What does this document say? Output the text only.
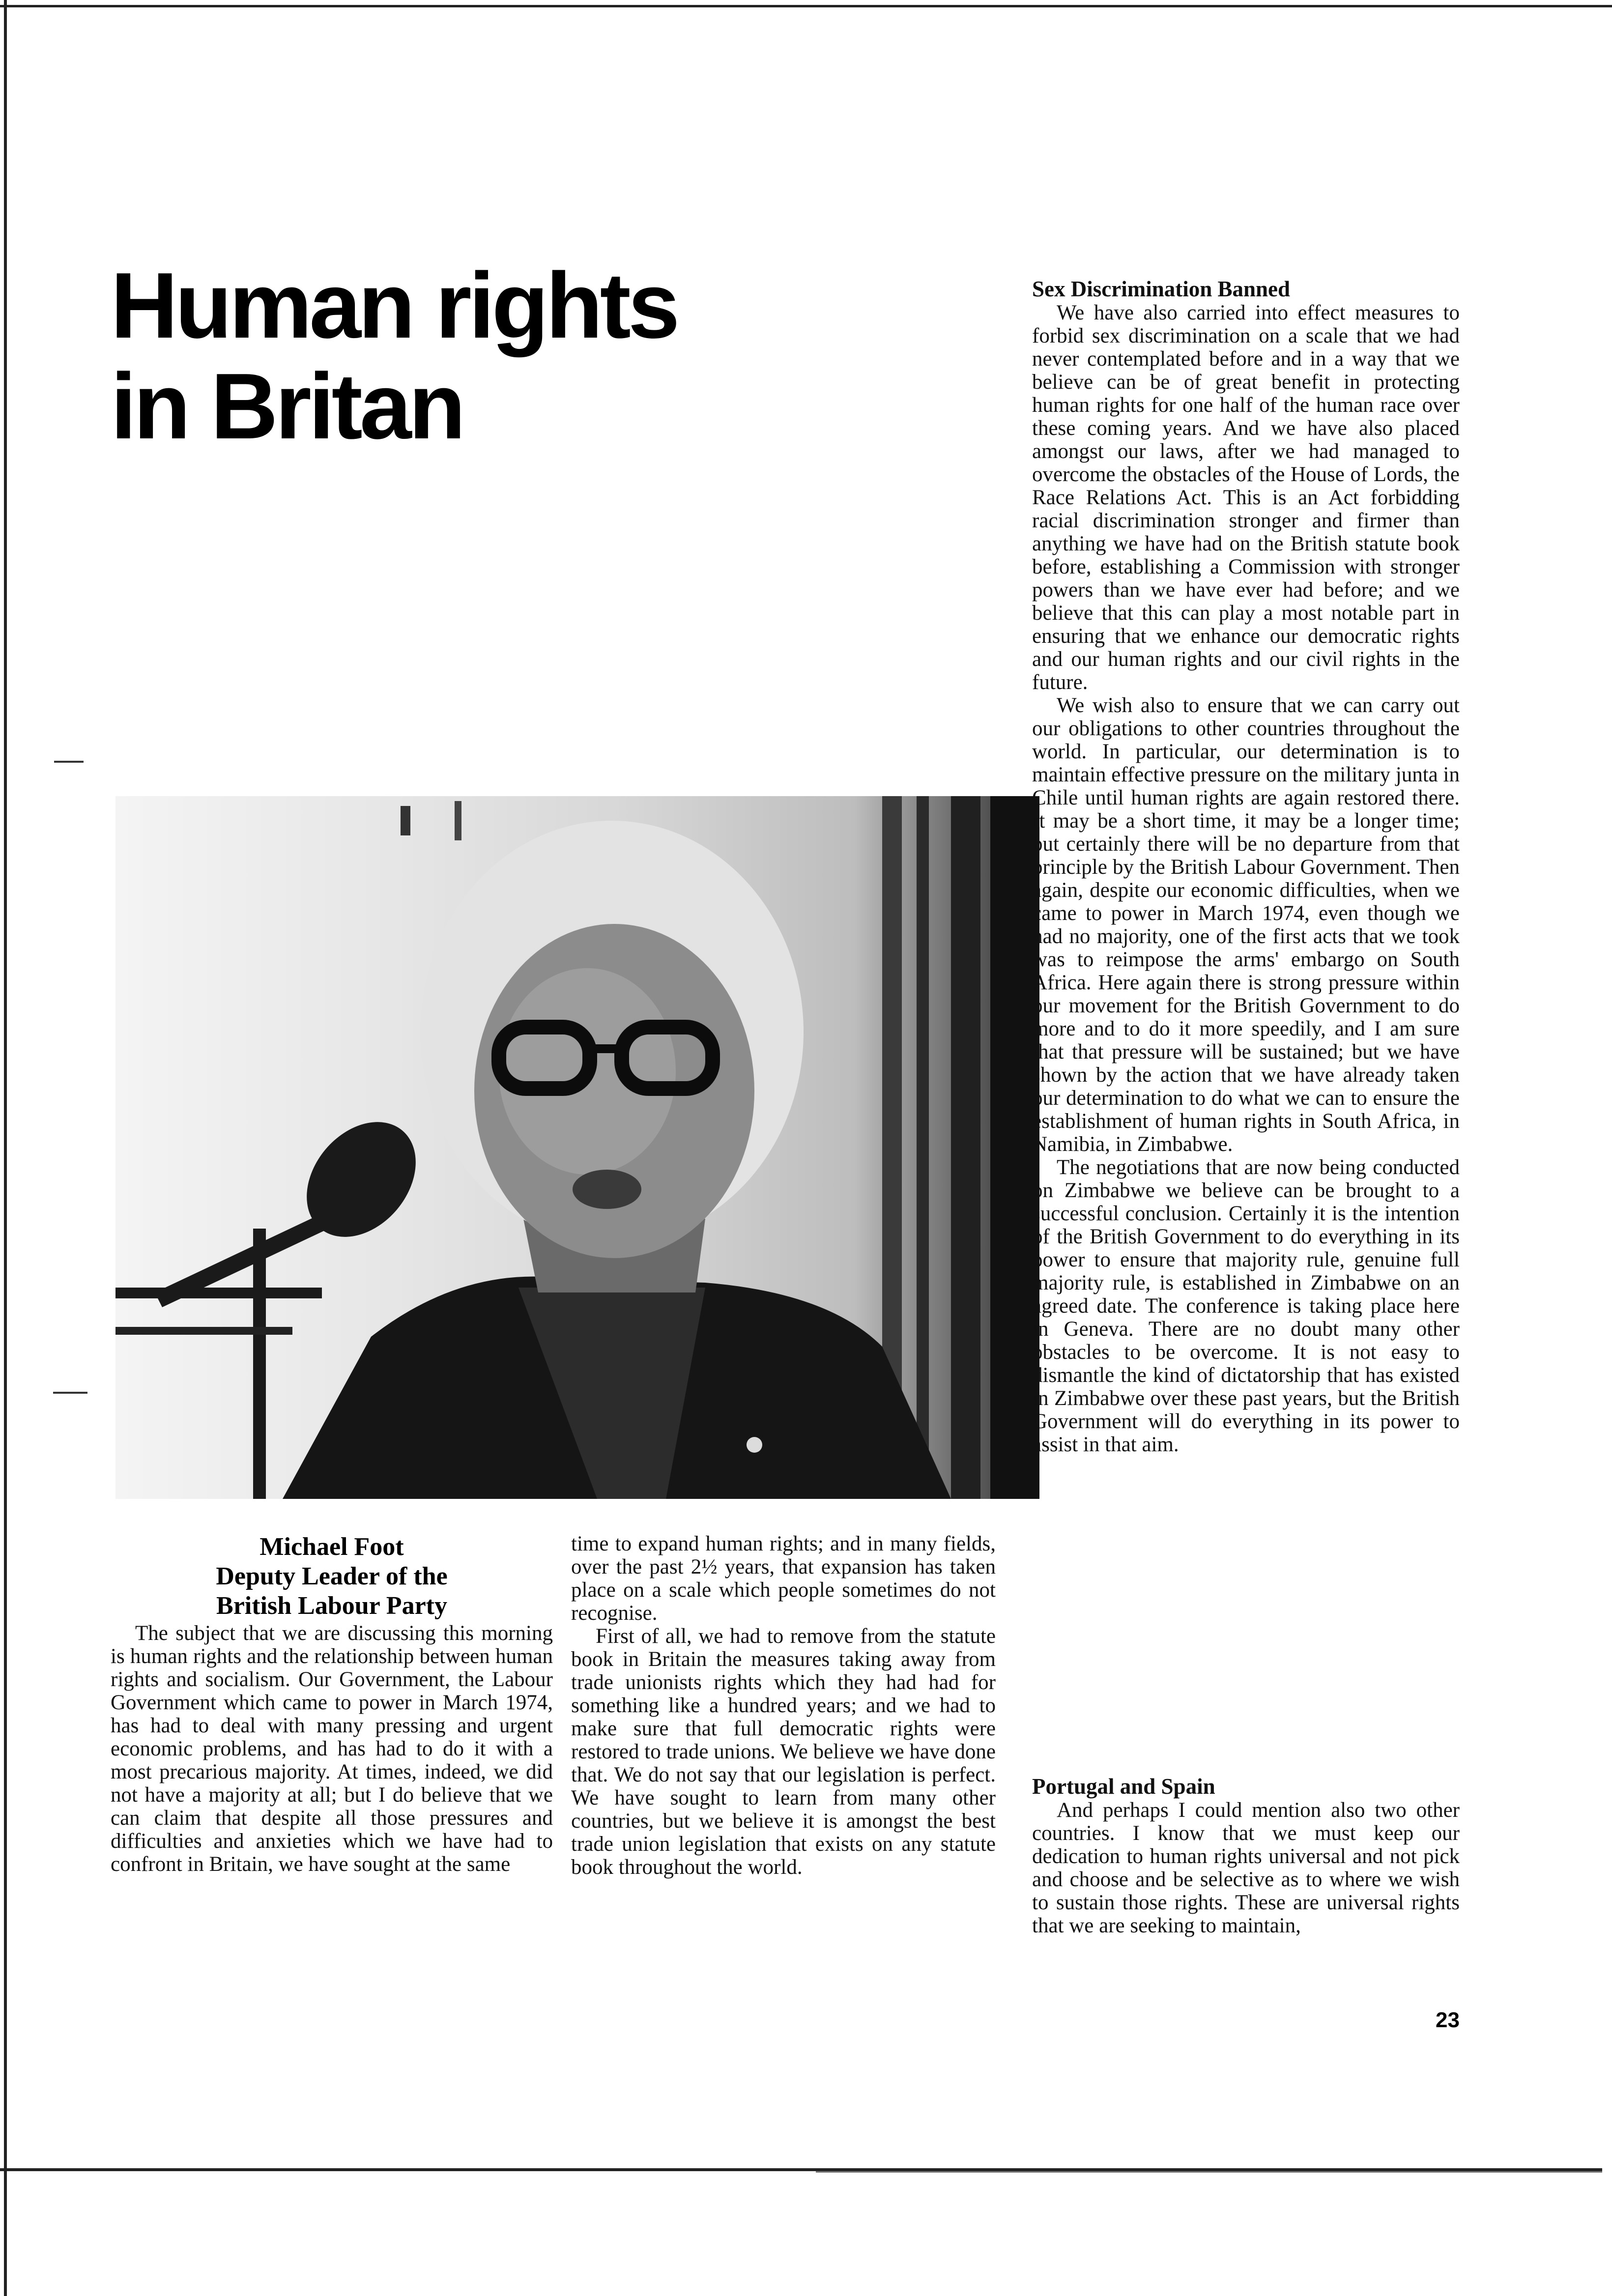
Human rights
in Britan
Michael Foot
Deputy Leader of the
British Labour Party

The subject that we are discussing this morning is human rights and the relationship between human rights and socialism. Our Government, the Labour Government which came to power in March 1974, has had to deal with many pressing and urgent economic problems, and has had to do it with a most precarious majority. At times, indeed, we did not have a majority at all; but I do believe that we can claim that despite all those pressures and difficulties and anxieties which we have had to confront in Britain, we have sought at the same

time to expand human rights; and in many fields, over the past 2½ years, that expansion has taken place on a scale which people sometimes do not recognise.

First of all, we had to remove from the statute book in Britain the measures taking away from trade unionists rights which they had had for something like a hundred years; and we had to make sure that full democratic rights were restored to trade unions. We believe we have done that. We do not say that our legislation is perfect. We have sought to learn from many other countries, but we believe it is amongst the best trade union legislation that exists on any statute book throughout the world.

Sex Discrimination Banned

We have also carried into effect measures to forbid sex discrimination on a scale that we had never contemplated before and in a way that we believe can be of great benefit in protecting human rights for one half of the human race over these coming years. And we have also placed amongst our laws, after we had managed to overcome the obstacles of the House of Lords, the Race Relations Act. This is an Act forbidding racial discrimination stronger and firmer than anything we have had on the British statute book before, establishing a Commission with stronger powers than we have ever had before; and we believe that this can play a most notable part in ensuring that we enhance our democratic rights and our human rights and our civil rights in the future.

We wish also to ensure that we can carry out our obligations to other countries throughout the world. In particular, our determination is to maintain effective pressure on the military junta in Chile until human rights are again restored there. It may be a short time, it may be a longer time; but certainly there will be no departure from that principle by the British Labour Government. Then again, despite our economic difficulties, when we came to power in March 1974, even though we had no majority, one of the first acts that we took was to reimpose the arms' embargo on South Africa. Here again there is strong pressure within our movement for the British Government to do more and to do it more speedily, and I am sure that that pressure will be sustained; but we have shown by the action that we have already taken our determination to do what we can to ensure the establishment of human rights in South Africa, in Namibia, in Zimbabwe.

The negotiations that are now being conducted on Zimbabwe we believe can be brought to a successful conclusion. Certainly it is the intention of the British Government to do everything in its power to ensure that majority rule, genuine full majority rule, is established in Zimbabwe on an agreed date. The conference is taking place here in Geneva. There are no doubt many other obstacles to be overcome. It is not easy to dismantle the kind of dictatorship that has existed in Zimbabwe over these past years, but the British Government will do everything in its power to assist in that aim.

Portugal and Spain

And perhaps I could mention also two other countries. I know that we must keep our dedication to human rights universal and not pick and choose and be selective as to where we wish to sustain those rights. These are universal rights that we are seeking to maintain,

23
